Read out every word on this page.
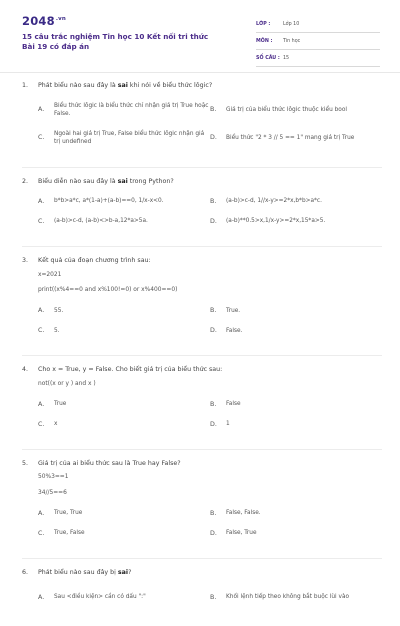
$2048^{.vn}$
15 câu trắc nghiệm Tin học 10 Kết nối tri thức Bài 19 có đáp án
LỚP :	Lớp 10
MÔN :	Tin học
SỐ CÂU : 15
1.	Phát biểu nào sau đây là sai khi nói về biểu thức lôgic?
A.
Biểu thức lôgic là biểu thức chỉ nhận giá trị True hoặc False.
B.	Giá trị của biểu thức lôgic thuộc kiểu bool
C.
Ngoài hai giá trị True, False biểu thức lôgic nhận giá trị undefined
D.	Biểu thức "2 * 3 // 5 == 1" mang giá trị True
2.	Biểu diễn nào sau đây là sai trong Python?
A.	b*b>a*c, a*(1-a)+(a-b)==0, 1/x-x<0.	B.	(a-b)>c-d, 1//x-y>=2*x,b*b>a*c.
C.	(a-b)>c-d, (a-b)<>b-a,12*a>5a.	D.	(a-b)**0.5>x,1/x-y>=2*x,15*a>5.
3.	Kết quả của đoạn chương trình sau:
x=2021
print((x%4==0 and x%100!=0) or x%400==0)
A.	55.	B.	True.
C.	5.	D.	False.
4.	Cho x = True, y = False. Cho biết giá trị của biểu thức sau:
not((x or y ) and x )
A.	True	B.	False
C.	x	D.	1
5.	Giá trị của ai biểu thức sau là True hay False?
50%3==1
34//5==6
A.	True, True	B.	False, False.
C.	True, False	D.	False, True
6.	Phát biểu nào sau đây bị sai?
A.	Sau <điều kiện> cần có dấu ":"	B.	Khối lệnh tiếp theo không bắt buộc lùi vào
